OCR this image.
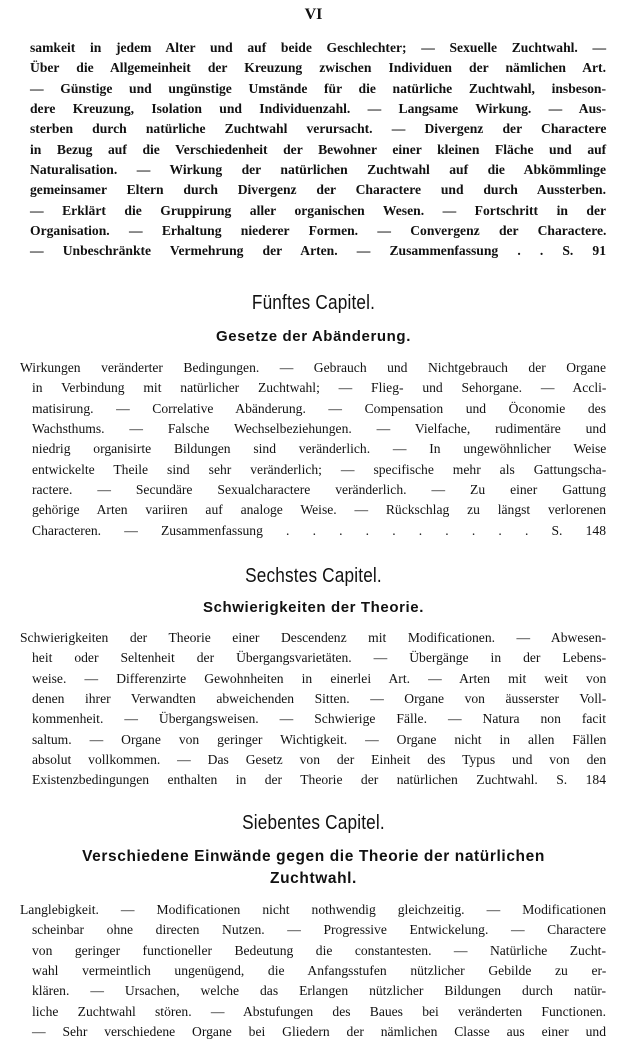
VI
samkeit in jedem Alter und auf beide Geschlechter; — Sexuelle Zuchtwahl. —
Über die Allgemeinheit der Kreuzung zwischen Individuen der nämlichen Art.
— Günstige und ungünstige Umstände für die natürliche Zuchtwahl, insbeson-
dere Kreuzung, Isolation und Individuenzahl. — Langsame Wirkung. — Aus-
sterben durch natürliche Zuchtwahl verursacht. — Divergenz der Charactere
in Bezug auf die Verschiedenheit der Bewohner einer kleinen Fläche und auf
Naturalisation. — Wirkung der natürlichen Zuchtwahl auf die Abkömmlinge
gemeinsamer Eltern durch Divergenz der Charactere und durch Aussterben.
— Erklärt die Gruppirung aller organischen Wesen. — Fortschritt in der
Organisation. — Erhaltung niederer Formen. — Convergenz der Charactere.
— Unbeschränkte Vermehrung der Arten. — Zusammenfassung . . S. 91
Fünftes Capitel.
Gesetze der Abänderung.
Wirkungen veränderter Bedingungen. — Gebrauch und Nichtgebrauch der Organe
in Verbindung mit natürlicher Zuchtwahl; — Flieg- und Sehorgane. — Accli-
matisirung. — Correlative Abänderung. — Compensation und Öconomie des
Wachsthums. — Falsche Wechselbeziehungen. — Vielfache, rudimentäre und
niedrig organisirte Bildungen sind veränderlich. — In ungewöhnlicher Weise
entwickelte Theile sind sehr veränderlich; — specifische mehr als Gattungscha-
ractere. — Secundäre Sexualcharactere veränderlich. — Zu einer Gattung
gehörige Arten variiren auf analoge Weise. — Rückschlag zu längst verlorenen
Characteren. — Zusammenfassung . . . . . . . . . . S. 148
Sechstes Capitel.
Schwierigkeiten der Theorie.
Schwierigkeiten der Theorie einer Descendenz mit Modificationen. — Abwesen-
heit oder Seltenheit der Übergangsvarietäten. — Übergänge in der Lebens-
weise. — Differenzirte Gewohnheiten in einerlei Art. — Arten mit weit von
denen ihrer Verwandten abweichenden Sitten. — Organe von äusserster Voll-
kommenheit. — Übergangsweisen. — Schwierige Fälle. — Natura non facit
saltum. — Organe von geringer Wichtigkeit. — Organe nicht in allen Fällen
absolut vollkommen. — Das Gesetz von der Einheit des Typus und von den
Existenzbedingungen enthalten in der Theorie der natürlichen Zuchtwahl. S. 184
Siebentes Capitel.
Verschiedene Einwände gegen die Theorie der natürlichen
Zuchtwahl.
Langlebigkeit. — Modificationen nicht nothwendig gleichzeitig. — Modificationen
scheinbar ohne directen Nutzen. — Progressive Entwickelung. — Charactere
von geringer functioneller Bedeutung die constantesten. — Natürliche Zucht-
wahl vermeintlich ungenügend, die Anfangsstufen nützlicher Gebilde zu er-
klären. — Ursachen, welche das Erlangen nützlicher Bildungen durch natür-
liche Zuchtwahl stören. — Abstufungen des Baues bei veränderten Functionen.
— Sehr verschiedene Organe bei Gliedern der nämlichen Classe aus einer und
